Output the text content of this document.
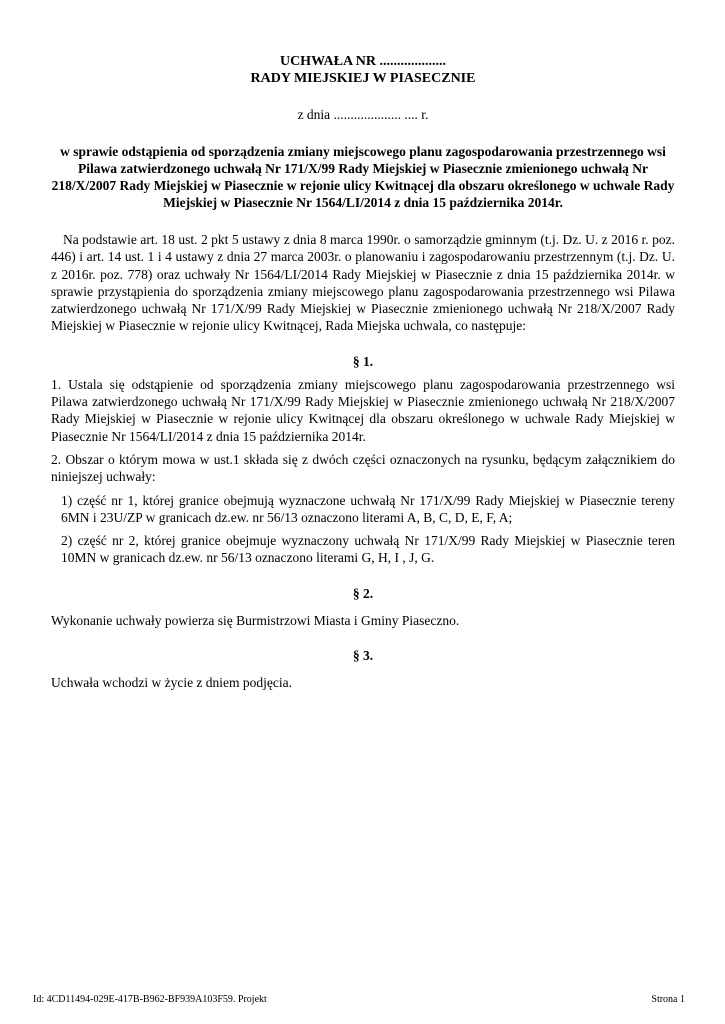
UCHWAŁA NR ...................
RADY MIEJSKIEJ W PIASECZNIE
z dnia .................... .... r.
w sprawie odstąpienia od sporządzenia zmiany miejscowego planu zagospodarowania przestrzennego wsi Pilawa zatwierdzonego uchwałą Nr 171/X/99 Rady Miejskiej w Piasecznie zmienionego uchwałą Nr 218/X/2007 Rady Miejskiej w Piasecznie w rejonie ulicy Kwitnącej dla obszaru określonego w uchwale Rady Miejskiej w Piasecznie Nr 1564/LI/2014 z dnia 15 października 2014r.
Na podstawie art. 18 ust. 2 pkt 5 ustawy z dnia 8 marca 1990r. o samorządzie gminnym (t.j. Dz. U. z 2016 r. poz. 446) i art. 14 ust. 1 i 4 ustawy z dnia 27 marca 2003r. o planowaniu i zagospodarowaniu przestrzennym (t.j. Dz. U. z 2016r. poz. 778) oraz uchwały Nr 1564/LI/2014 Rady Miejskiej w Piasecznie z dnia 15 października 2014r. w sprawie przystąpienia do sporządzenia zmiany miejscowego planu zagospodarowania przestrzennego wsi Pilawa zatwierdzonego uchwałą Nr 171/X/99 Rady Miejskiej w Piasecznie zmienionego uchwałą Nr 218/X/2007 Rady Miejskiej w Piasecznie w rejonie ulicy Kwitnącej, Rada Miejska uchwala, co następuje:
§ 1.
1. Ustala się odstąpienie od sporządzenia zmiany miejscowego planu zagospodarowania przestrzennego wsi Pilawa zatwierdzonego uchwałą Nr 171/X/99 Rady Miejskiej w Piasecznie zmienionego uchwałą Nr 218/X/2007 Rady Miejskiej w Piasecznie w rejonie ulicy Kwitnącej dla obszaru określonego w uchwale Rady Miejskiej w Piasecznie Nr 1564/LI/2014 z dnia 15 października 2014r.
2. Obszar o którym mowa w ust.1 składa się z dwóch części oznaczonych na rysunku, będącym załącznikiem do niniejszej uchwały:
1) część nr 1, której granice obejmują wyznaczone uchwałą Nr 171/X/99 Rady Miejskiej w Piasecznie tereny 6MN i 23U/ZP w granicach dz.ew. nr 56/13 oznaczono literami A, B, C, D, E, F, A;
2) część nr 2, której granice obejmuje wyznaczony uchwałą Nr 171/X/99 Rady Miejskiej w Piasecznie teren 10MN w granicach dz.ew. nr 56/13 oznaczono literami G, H, I , J, G.
§ 2.
Wykonanie uchwały powierza się Burmistrzowi Miasta i Gminy Piaseczno.
§ 3.
Uchwała wchodzi w życie z dniem podjęcia.
Id: 4CD11494-029E-417B-B962-BF939A103F59. Projekt	Strona 1
